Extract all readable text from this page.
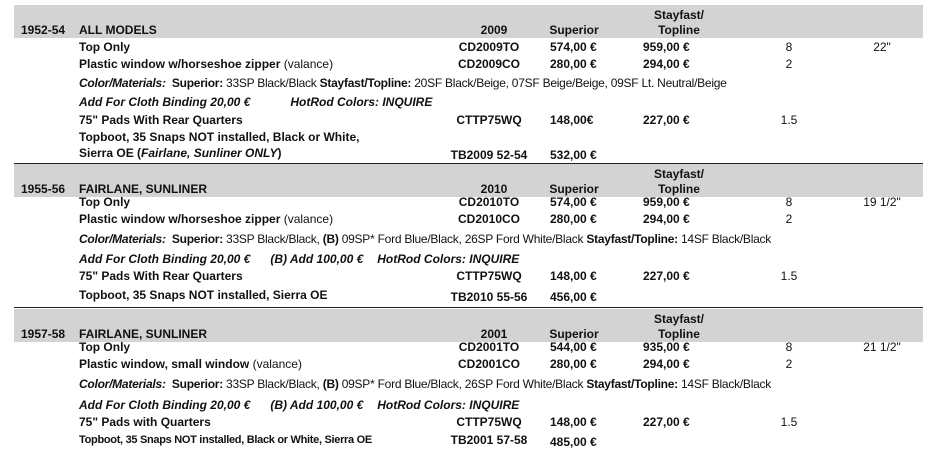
Stayfast/
Topline
1952-54 ALL MODELS	2009	Superior
Top Only	CD2009TO	574,00 €	959,00 €	8	22"
Plastic window w/horseshoe zipper (valance)	CD2009CO	280,00 €	294,00 €	2
Color/Materials: Superior: 33SP Black/Black Stayfast/Topline: 20SF Black/Beige, 07SF Beige/Beige, 09SF Lt. Neutral/Beige
Add For Cloth Binding 20,00 €	HotRod Colors: INQUIRE
75" Pads With Rear Quarters	CTTP75WQ	148,00€	227,00 €	1.5
Topboot, 35 Snaps NOT installed, Black or White,
Sierra OE (Fairlane, Sunliner ONLY)	TB2009 52-54	532,00 €
Stayfast/
Topline
1955-56 FAIRLANE, SUNLINER	2010	Superior
Top Only	CD2010TO	574,00 €	959,00 €	8	19 1/2"
Plastic window w/horseshoe zipper (valance)	CD2010CO	280,00 €	294,00 €	2
Color/Materials: Superior: 33SP Black/Black, (B) 09SP* Ford Blue/Black, 26SP Ford White/Black Stayfast/Topline: 14SF Black/Black
Add For Cloth Binding 20,00 € (B) Add 100,00 € HotRod Colors: INQUIRE
75" Pads With Rear Quarters	CTTP75WQ	148,00 €	227,00 €	1.5
Topboot, 35 Snaps NOT installed, Sierra OE	TB2010 55-56	456,00 €
Stayfast/
Topline
1957-58 FAIRLANE, SUNLINER	2001	Superior
Top Only	CD2001TO	544,00 €	935,00 €	8	21 1/2"
Plastic window, small window (valance)	CD2001CO	280,00 €	294,00 €	2
Color/Materials: Superior: 33SP Black/Black, (B) 09SP* Ford Blue/Black, 26SP Ford White/Black Stayfast/Topline: 14SF Black/Black
Add For Cloth Binding 20,00 € (B) Add 100,00 € HotRod Colors: INQUIRE
75" Pads with Quarters	CTTP75WQ	148,00 €	227,00 €	1.5
Topboot, 35 Snaps NOT installed, Black or White, Sierra OE	TB2001 57-58	485,00 €
